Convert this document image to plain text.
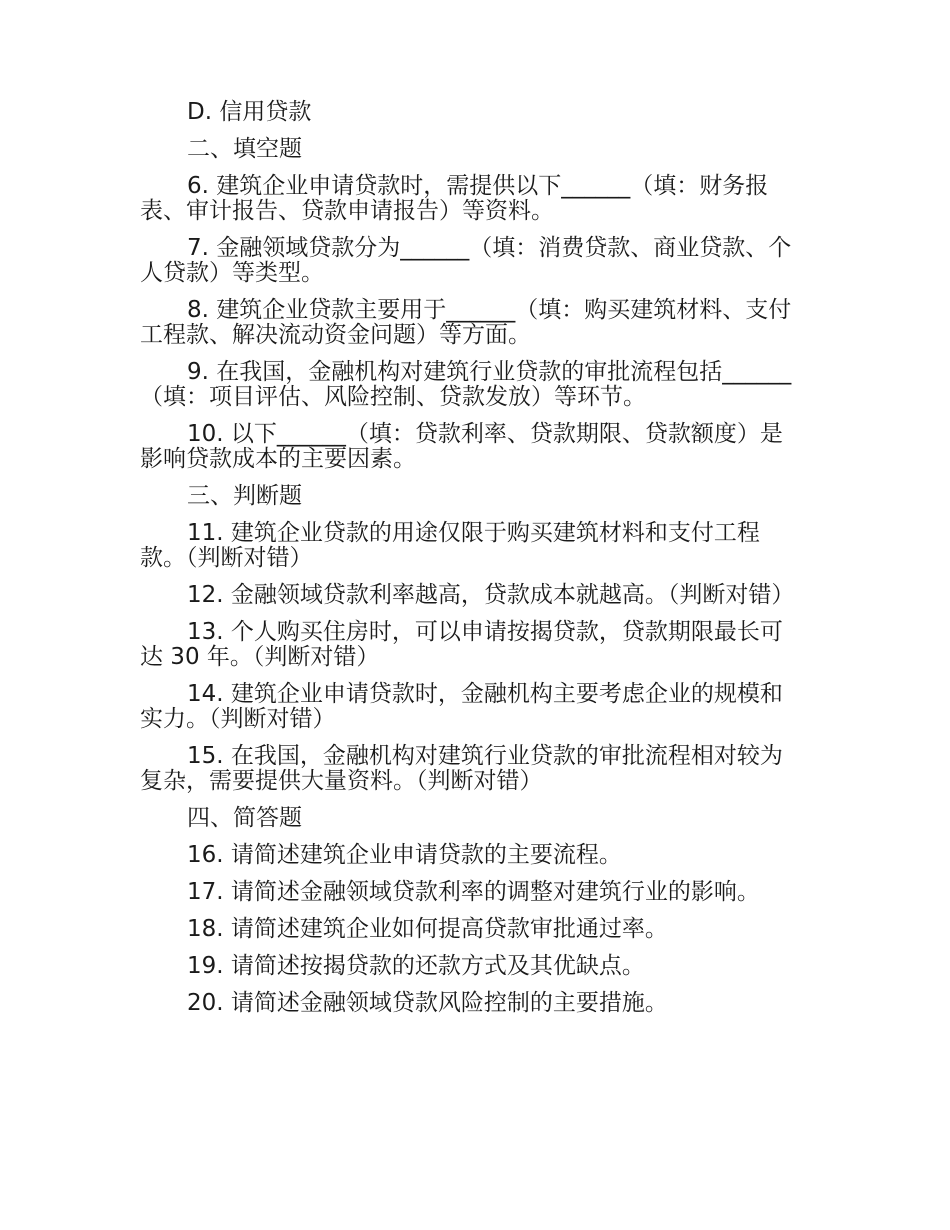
D. 信用贷款

二、填空题

6. 建筑企业申请贷款时，需提供以下______（填：财务报表、审计报告、贷款申请报告）等资料。

7. 金融领域贷款分为______（填：消费贷款、商业贷款、个人贷款）等类型。

8. 建筑企业贷款主要用于______（填：购买建筑材料、支付工程款、解决流动资金问题）等方面。

9. 在我国，金融机构对建筑行业贷款的审批流程包括______（填：项目评估、风险控制、贷款发放）等环节。

10. 以下______（填：贷款利率、贷款期限、贷款额度）是影响贷款成本的主要因素。

三、判断题

11. 建筑企业贷款的用途仅限于购买建筑材料和支付工程款。（判断对错）

12. 金融领域贷款利率越高，贷款成本就越高。（判断对错）

13. 个人购买住房时，可以申请按揭贷款，贷款期限最长可达 30 年。（判断对错）

14. 建筑企业申请贷款时，金融机构主要考虑企业的规模和实力。（判断对错）

15. 在我国，金融机构对建筑行业贷款的审批流程相对较为复杂，需要提供大量资料。（判断对错）

四、简答题

16. 请简述建筑企业申请贷款的主要流程。

17. 请简述金融领域贷款利率的调整对建筑行业的影响。

18. 请简述建筑企业如何提高贷款审批通过率。

19. 请简述按揭贷款的还款方式及其优缺点。

20. 请简述金融领域贷款风险控制的主要措施。
